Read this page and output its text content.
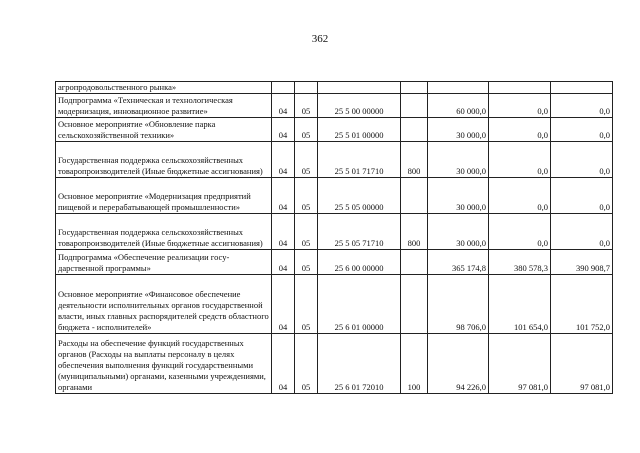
362
агропродовольственного рынка»							
Подпрограмма «Техническая и технологическая модернизация, инновационное развитие»	04	05	25 5 00 00000		60 000,0	0,0	0,0
Основное мероприятие «Обновление парка сельскохозяйственной техники»	04	05	25 5 01 00000		30 000,0	0,0	0,0
Государственная поддержка сельскохозяйственных товаропроизводителей (Иные бюджетные ассигнования)	04	05	25 5 01 71710	800	30 000,0	0,0	0,0
Основное мероприятие «Модернизация предприятий пищевой и перерабатывающей промышленности»	04	05	25 5 05 00000		30 000,0	0,0	0,0
Государственная поддержка сельскохозяйственных товаропроизводителей (Иные бюджетные ассигнования)	04	05	25 5 05 71710	800	30 000,0	0,0	0,0
Подпрограмма «Обеспечение реализации государственной программы»	04	05	25 6 00 00000		365 174,8	380 578,3	390 908,7
Основное мероприятие «Финансовое обеспечение деятельности исполнительных органов государственной власти, иных главных распорядителей средств областного бюджета - исполнителей»	04	05	25 6 01 00000		98 706,0	101 654,0	101 752,0
Расходы на обеспечение функций государственных органов (Расходы на выплаты персоналу в целях обеспечения выполнения функций государственными (муниципальными) органами, казенными учреждениями, органами	04	05	25 6 01 72010	100	94 226,0	97 081,0	97 081,0
